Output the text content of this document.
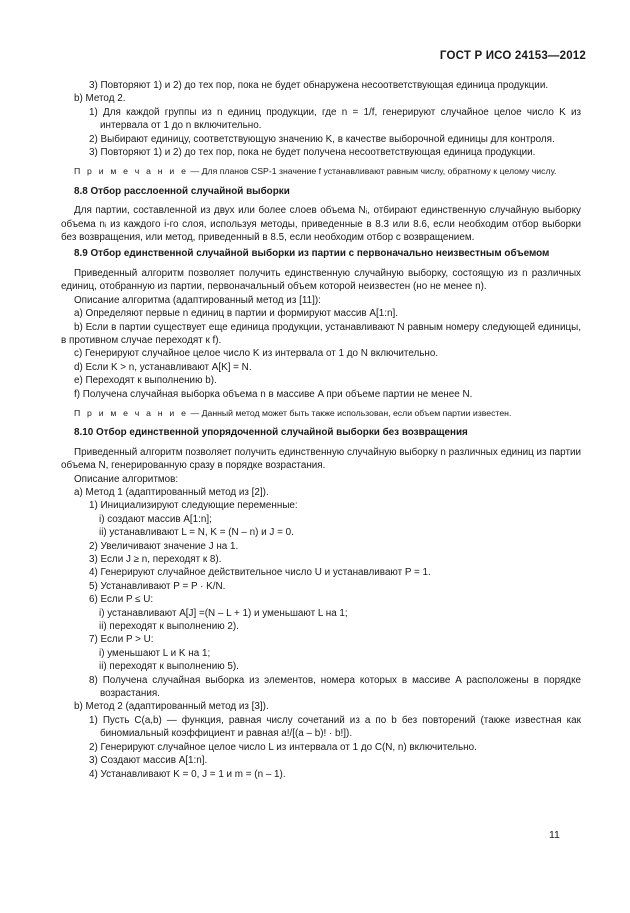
ГОСТ Р ИСО 24153—2012

3) Повторяют 1) и 2) до тех пор, пока не будет обнаружена несоответствующая единица продукции.

b) Метод 2.

1) Для каждой группы из n единиц продукции, где n = 1/f, генерируют случайное целое число K из интервала от 1 до n включительно.

2) Выбирают единицу, соответствующую значению K, в качестве выборочной единицы для контроля.

3) Повторяют 1) и 2) до тех пор, пока не будет получена несоответствующая единица продукции.

П р и м е ч а н и е — Для планов CSP-1 значение f устанавливают равным числу, обратному к целому числу.

8.8 Отбор расслоенной случайной выборки

Для партии, составленной из двух или более слоев объема Nᵢ, отбирают единственную случайную выборку объема nᵢ из каждого i-го слоя, используя методы, приведенные в 8.3 или 8.6, если необходим отбор выборки без возвращения, или метод, приведенный в 8.5, если необходим отбор с возвращением.

8.9 Отбор единственной случайной выборки из партии с первоначально неизвестным объемом

Приведенный алгоритм позволяет получить единственную случайную выборку, состоящую из n различных единиц, отобранную из партии, первоначальный объем которой неизвестен (но не менее n).

Описание алгоритма (адаптированный метод из [11]):

a) Определяют первые n единиц в партии и формируют массив A[1:n].

b) Если в партии существует еще единица продукции, устанавливают N равным номеру следующей единицы, в противном случае переходят к f).

c) Генерируют случайное целое число K из интервала от 1 до N включительно.

d) Если K > n, устанавливают A[K] = N.

e) Переходят к выполнению b).

f) Получена случайная выборка объема n в массиве A при объеме партии не менее N.

П р и м е ч а н и е — Данный метод может быть также использован, если объем партии известен.

8.10 Отбор единственной упорядоченной случайной выборки без возвращения

Приведенный алгоритм позволяет получить единственную случайную выборку n различных единиц из партии объема N, генерированную сразу в порядке возрастания.

Описание алгоритмов:

a) Метод 1 (адаптированный метод из [2]).

1) Инициализируют следующие переменные:

i) создают массив A[1:n];

ii) устанавливают L = N, K = (N – n) и J = 0.

2) Увеличивают значение J на 1.

3) Если J ≥ n, переходят к 8).

4) Генерируют случайное действительное число U и устанавливают P = 1.

5) Устанавливают P = P · K/N.

6) Если P ≤ U:

i) устанавливают A[J] =(N – L + 1) и уменьшают L на 1;

ii) переходят к выполнению 2).

7) Если P > U:

i) уменьшают L и K на 1;

ii) переходят к выполнению 5).

8) Получена случайная выборка из элементов, номера которых в массиве A расположены в порядке возрастания.

b) Метод 2 (адаптированный метод из [3]).

1) Пусть C(a,b) — функция, равная числу сочетаний из a по b без повторений (также известная как биномиальный коэффициент и равная a!/[(a – b)! · b!]).

2) Генерируют случайное целое число L из интервала от 1 до C(N, n) включительно.

3) Создают массив A[1:n].

4) Устанавливают K = 0, J = 1 и m = (n – 1).

11
